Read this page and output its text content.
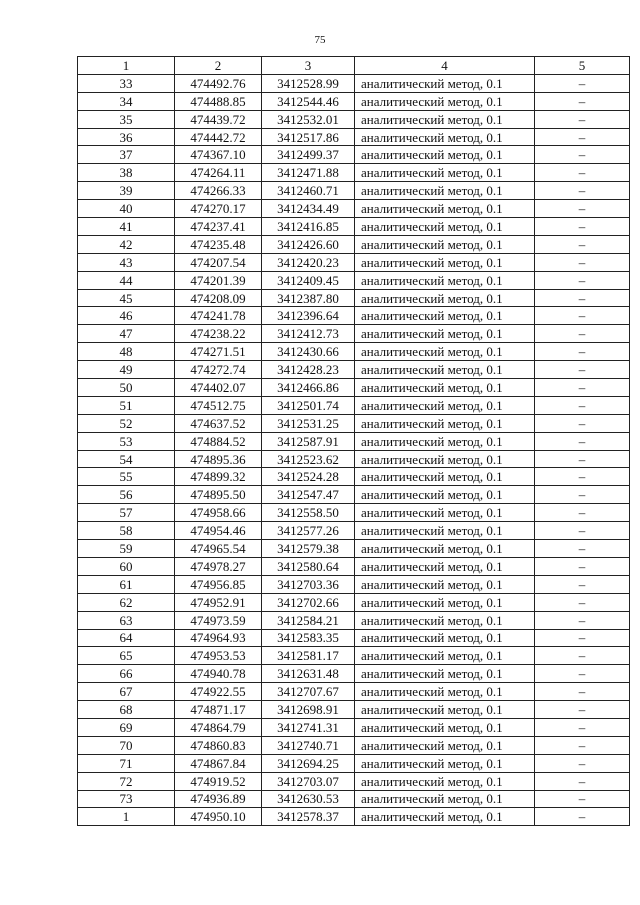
75
1	2	3	4	5
33	474492.76	3412528.99	аналитический метод, 0.1	–
34	474488.85	3412544.46	аналитический метод, 0.1	–
35	474439.72	3412532.01	аналитический метод, 0.1	–
36	474442.72	3412517.86	аналитический метод, 0.1	–
37	474367.10	3412499.37	аналитический метод, 0.1	–
38	474264.11	3412471.88	аналитический метод, 0.1	–
39	474266.33	3412460.71	аналитический метод, 0.1	–
40	474270.17	3412434.49	аналитический метод, 0.1	–
41	474237.41	3412416.85	аналитический метод, 0.1	–
42	474235.48	3412426.60	аналитический метод, 0.1	–
43	474207.54	3412420.23	аналитический метод, 0.1	–
44	474201.39	3412409.45	аналитический метод, 0.1	–
45	474208.09	3412387.80	аналитический метод, 0.1	–
46	474241.78	3412396.64	аналитический метод, 0.1	–
47	474238.22	3412412.73	аналитический метод, 0.1	–
48	474271.51	3412430.66	аналитический метод, 0.1	–
49	474272.74	3412428.23	аналитический метод, 0.1	–
50	474402.07	3412466.86	аналитический метод, 0.1	–
51	474512.75	3412501.74	аналитический метод, 0.1	–
52	474637.52	3412531.25	аналитический метод, 0.1	–
53	474884.52	3412587.91	аналитический метод, 0.1	–
54	474895.36	3412523.62	аналитический метод, 0.1	–
55	474899.32	3412524.28	аналитический метод, 0.1	–
56	474895.50	3412547.47	аналитический метод, 0.1	–
57	474958.66	3412558.50	аналитический метод, 0.1	–
58	474954.46	3412577.26	аналитический метод, 0.1	–
59	474965.54	3412579.38	аналитический метод, 0.1	–
60	474978.27	3412580.64	аналитический метод, 0.1	–
61	474956.85	3412703.36	аналитический метод, 0.1	–
62	474952.91	3412702.66	аналитический метод, 0.1	–
63	474973.59	3412584.21	аналитический метод, 0.1	–
64	474964.93	3412583.35	аналитический метод, 0.1	–
65	474953.53	3412581.17	аналитический метод, 0.1	–
66	474940.78	3412631.48	аналитический метод, 0.1	–
67	474922.55	3412707.67	аналитический метод, 0.1	–
68	474871.17	3412698.91	аналитический метод, 0.1	–
69	474864.79	3412741.31	аналитический метод, 0.1	–
70	474860.83	3412740.71	аналитический метод, 0.1	–
71	474867.84	3412694.25	аналитический метод, 0.1	–
72	474919.52	3412703.07	аналитический метод, 0.1	–
73	474936.89	3412630.53	аналитический метод, 0.1	–
1	474950.10	3412578.37	аналитический метод, 0.1	–
